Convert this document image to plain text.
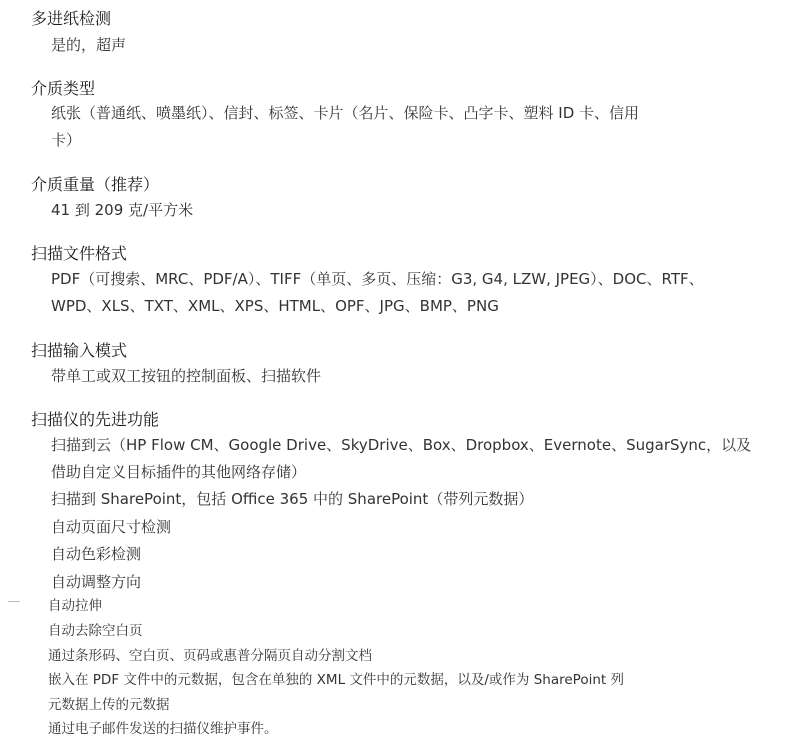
多进纸检测
是的，超声
介质类型
纸张（普通纸、喷墨纸）、信封、标签、卡片（名片、保险卡、凸字卡、塑料 ID 卡、信用
卡）
介质重量（推荐）
41 到 209 克/平方米
扫描文件格式
PDF（可搜索、MRC、PDF/A）、TIFF（单页、多页、压缩：G3, G4, LZW, JPEG）、DOC、RTF、
WPD、XLS、TXT、XML、XPS、HTML、OPF、JPG、BMP、PNG
扫描输入模式
带单工或双工按钮的控制面板、扫描软件
扫描仪的先进功能
扫描到云（HP Flow CM、Google Drive、SkyDrive、Box、Dropbox、Evernote、SugarSync，以及
借助自定义目标插件的其他网络存储）
扫描到 SharePoint，包括 Office 365 中的 SharePoint（带列元数据）
自动页面尺寸检测
自动色彩检测
自动调整方向
自动拉伸
自动去除空白页
通过条形码、空白页、页码或惠普分隔页自动分割文档
嵌入在 PDF 文件中的元数据，包含在单独的 XML 文件中的元数据，以及/或作为 SharePoint 列
元数据上传的元数据
通过电子邮件发送的扫描仪维护事件。
